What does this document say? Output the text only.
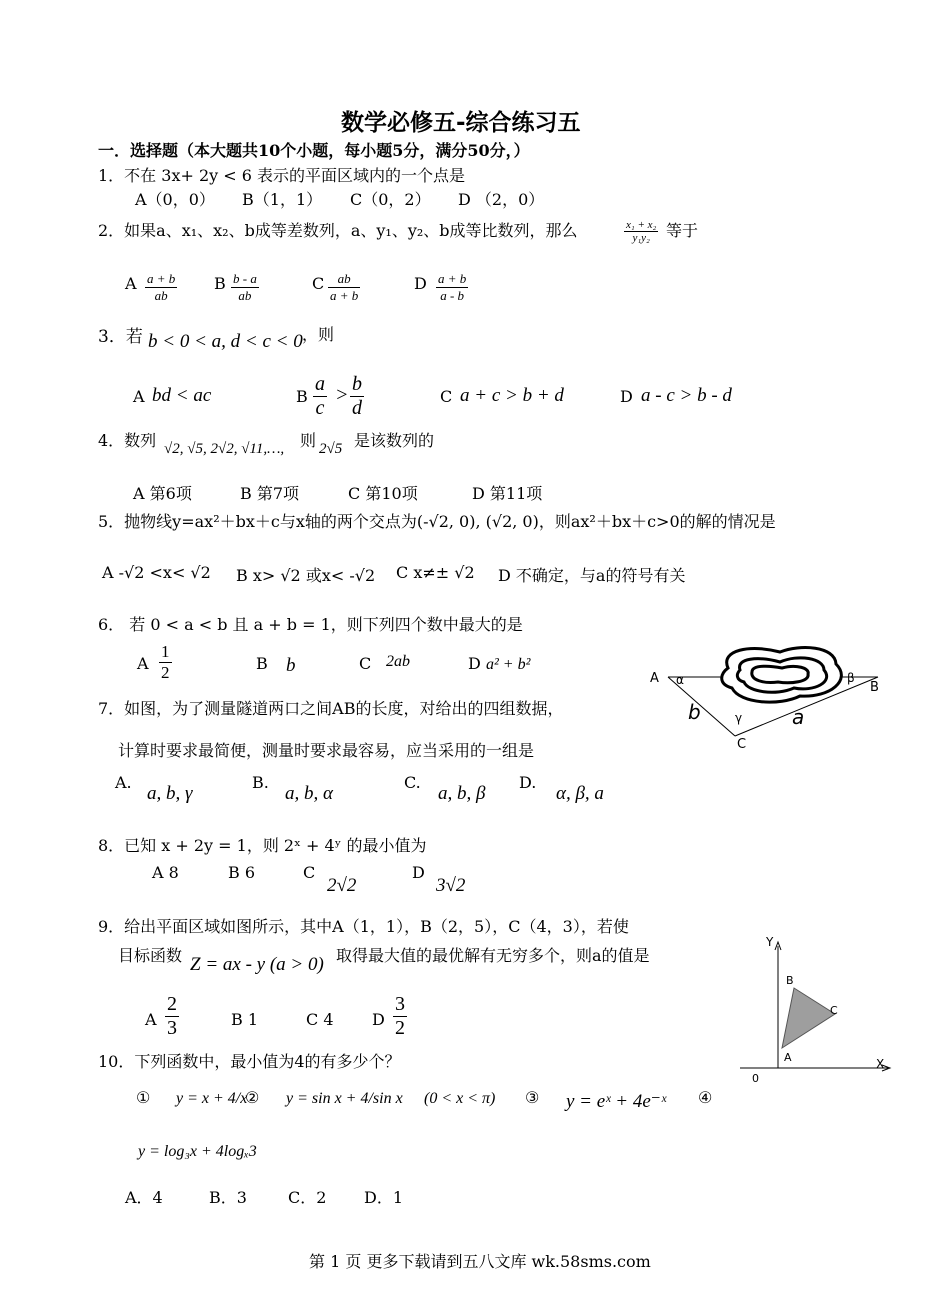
数学必修五-综合练习五
一．选择题（本大题共10个小题，每小题5分，满分50分，）
1．不在 3x+ 2y < 6 表示的平面区域内的一个点是
A（0，0） B（1，1） C（0，2） D （2，0）
2．如果a、x₁、x₂、b成等差数列，a、y₁、y₂、b成等比数列，那么	$\frac{\text{x₁ + x₂}}{\text{y₁y₂}}$ 等于
A $\frac{a + b}{ab}$ B $\frac{b - a}{ab}$	C $\frac{ab}{a + b}$	D $\frac{a + b}{a - b}$
3．若 b < 0 < a, d < c < 0 ，则
A bd < ac	B $\frac{a}{c} > \frac{b}{d}$	C a + c > b + d	D a - c > b - d
4．数列 √2, √5, 2√2, √11,…, 则 2√5 是该数列的
A 第6项	B 第7项	C 第10项	D 第11项
5．抛物线y=ax²＋bx＋c与x轴的两个交点为(-√2, 0), (√2, 0)，则ax²＋bx＋c>0的解的情况是
A -√2 <x< √2 B x> √2 或x< -√2 C x≠± √2 D 不确定，与a的符号有关
6． 若 0 < a < b 且 a + b = 1，则下列四个数中最大的是
A $\frac{1}{2}$	B b	C 2ab	D a² + b²
7．如图，为了测量隧道两口之间AB的长度，对给出的四组数据，
计算时要求最简便，测量时要求最容易，应当采用的一组是
A.
a, b, γ
B.
a, b, α
C.
a, b, β
D.
α, β, a
A α	β
B
γ
C
b	a
8．已知 x + 2y = 1，则 2ˣ + 4ʸ 的最小值为
A 8	B 6	C
2√2
D
3√2
9．给出平面区域如图所示，其中A（1，1），B（2，5），C（4，3），若使
目标函数 Z = ax - y (a > 0) 取得最大值的最优解有无穷多个，则a的值是
A $\frac{2}{3}$	B 1	C 4 D $\frac{3}{2}$
Y
X
0
A
B
C
10．下列函数中，最小值为4的有多少个？
① y = x + 4/x
② y = sin x + 4/sin x (0 < x < π) ③ y = eˣ + 4e⁻ˣ ④
y = log₃x + 4logₓ3
A．4	B．3	C．2 D．1
第 1 页 更多下载请到五八文库 wk.58sms.com
